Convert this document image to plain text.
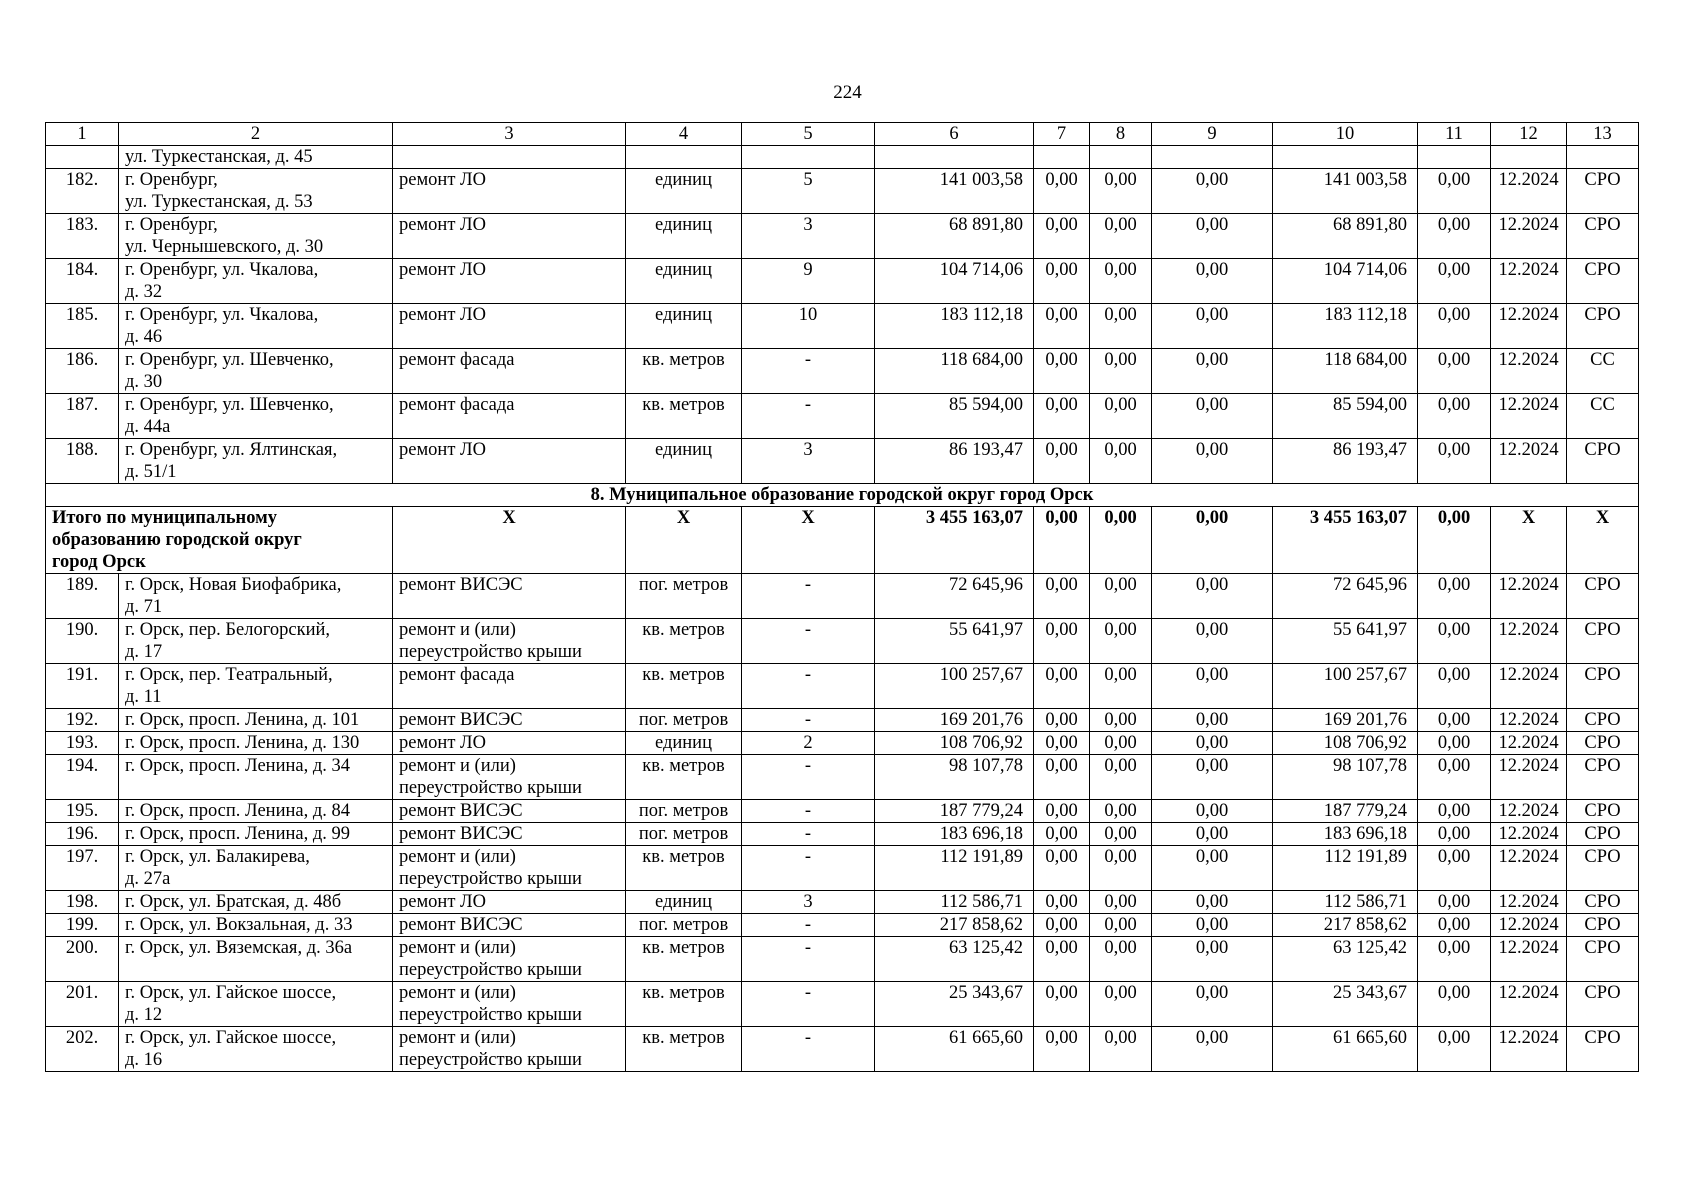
224
1	2	3	4	5	6	7	8	9	10	11	12	13
	ул. Туркестанская, д. 45											
182.	г. Оренбург,
ул. Туркестанская, д. 53	ремонт ЛО	единиц	5	141 003,58	0,00	0,00	0,00	141 003,58	0,00	12.2024	СРО
183.	г. Оренбург,
ул. Чернышевского, д. 30	ремонт ЛО	единиц	3	68 891,80	0,00	0,00	0,00	68 891,80	0,00	12.2024	СРО
184.	г. Оренбург, ул. Чкалова,
д. 32	ремонт ЛО	единиц	9	104 714,06	0,00	0,00	0,00	104 714,06	0,00	12.2024	СРО
185.	г. Оренбург, ул. Чкалова,
д. 46	ремонт ЛО	единиц	10	183 112,18	0,00	0,00	0,00	183 112,18	0,00	12.2024	СРО
186.	г. Оренбург, ул. Шевченко,
д. 30	ремонт фасада	кв. метров	-	118 684,00	0,00	0,00	0,00	118 684,00	0,00	12.2024	СС
187.	г. Оренбург, ул. Шевченко,
д. 44а	ремонт фасада	кв. метров	-	85 594,00	0,00	0,00	0,00	85 594,00	0,00	12.2024	СС
188.	г. Оренбург, ул. Ялтинская,
д. 51/1	ремонт ЛО	единиц	3	86 193,47	0,00	0,00	0,00	86 193,47	0,00	12.2024	СРО
8. Муниципальное образование городской округ город Орск												
Итого по муниципальному
образованию городской округ
город Орск		Х	Х	Х	3 455 163,07	0,00	0,00	0,00	3 455 163,07	0,00	Х	Х
189.	г. Орск, Новая Биофабрика,
д. 71	ремонт ВИСЭС	пог. метров	-	72 645,96	0,00	0,00	0,00	72 645,96	0,00	12.2024	СРО
190.	г. Орск, пер. Белогорский,
д. 17	ремонт и (или)
переустройство крыши	кв. метров	-	55 641,97	0,00	0,00	0,00	55 641,97	0,00	12.2024	СРО
191.	г. Орск, пер. Театральный,
д. 11	ремонт фасада	кв. метров	-	100 257,67	0,00	0,00	0,00	100 257,67	0,00	12.2024	СРО
192.	г. Орск, просп. Ленина, д. 101	ремонт ВИСЭС	пог. метров	-	169 201,76	0,00	0,00	0,00	169 201,76	0,00	12.2024	СРО
193.	г. Орск, просп. Ленина, д. 130	ремонт ЛО	единиц	2	108 706,92	0,00	0,00	0,00	108 706,92	0,00	12.2024	СРО
194.	г. Орск, просп. Ленина, д. 34	ремонт и (или)
переустройство крыши	кв. метров	-	98 107,78	0,00	0,00	0,00	98 107,78	0,00	12.2024	СРО
195.	г. Орск, просп. Ленина, д. 84	ремонт ВИСЭС	пог. метров	-	187 779,24	0,00	0,00	0,00	187 779,24	0,00	12.2024	СРО
196.	г. Орск, просп. Ленина, д. 99	ремонт ВИСЭС	пог. метров	-	183 696,18	0,00	0,00	0,00	183 696,18	0,00	12.2024	СРО
197.	г. Орск, ул. Балакирева,
д. 27а	ремонт и (или)
переустройство крыши	кв. метров	-	112 191,89	0,00	0,00	0,00	112 191,89	0,00	12.2024	СРО
198.	г. Орск, ул. Братская, д. 48б	ремонт ЛО	единиц	3	112 586,71	0,00	0,00	0,00	112 586,71	0,00	12.2024	СРО
199.	г. Орск, ул. Вокзальная, д. 33	ремонт ВИСЭС	пог. метров	-	217 858,62	0,00	0,00	0,00	217 858,62	0,00	12.2024	СРО
200.	г. Орск, ул. Вяземская, д. 36а	ремонт и (или)
переустройство крыши	кв. метров	-	63 125,42	0,00	0,00	0,00	63 125,42	0,00	12.2024	СРО
201.	г. Орск, ул. Гайское шоссе,
д. 12	ремонт и (или)
переустройство крыши	кв. метров	-	25 343,67	0,00	0,00	0,00	25 343,67	0,00	12.2024	СРО
202.	г. Орск, ул. Гайское шоссе,
д. 16	ремонт и (или)
переустройство крыши	кв. метров	-	61 665,60	0,00	0,00	0,00	61 665,60	0,00	12.2024	СРО
